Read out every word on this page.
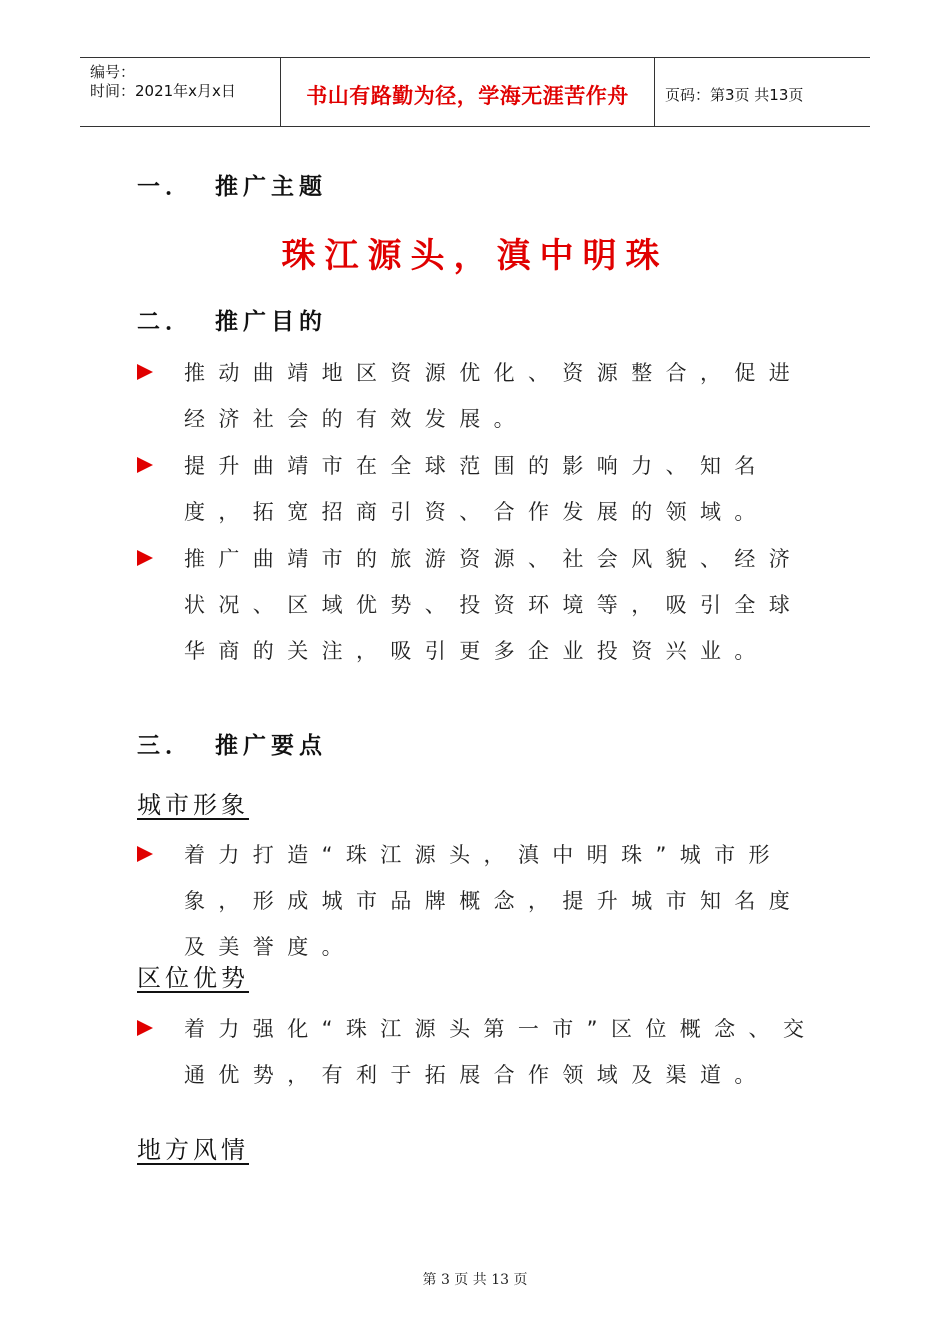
编号：
时间：2021年x月x日	书山有路勤为径，学海无涯苦作舟	页码：第3页 共13页
一． 推广主题
珠江源头，滇中明珠
二． 推广目的
推动曲靖地区资源优化、资源整合，促进经济社会的有效发展。
提升曲靖市在全球范围的影响力、知名度，拓宽招商引资、合作发展的领域。
推广曲靖市的旅游资源、社会风貌、经济状况、区域优势、投资环境等，吸引全球华商的关注，吸引更多企业投资兴业。
三． 推广要点
城市形象
着力打造“珠江源头，滇中明珠”城市形象，形成城市品牌概念，提升城市知名度及美誉度。
区位优势
着力强化“珠江源头第一市”区位概念、交通优势，有利于拓展合作领域及渠道。
地方风情
第 3 页 共 13 页
